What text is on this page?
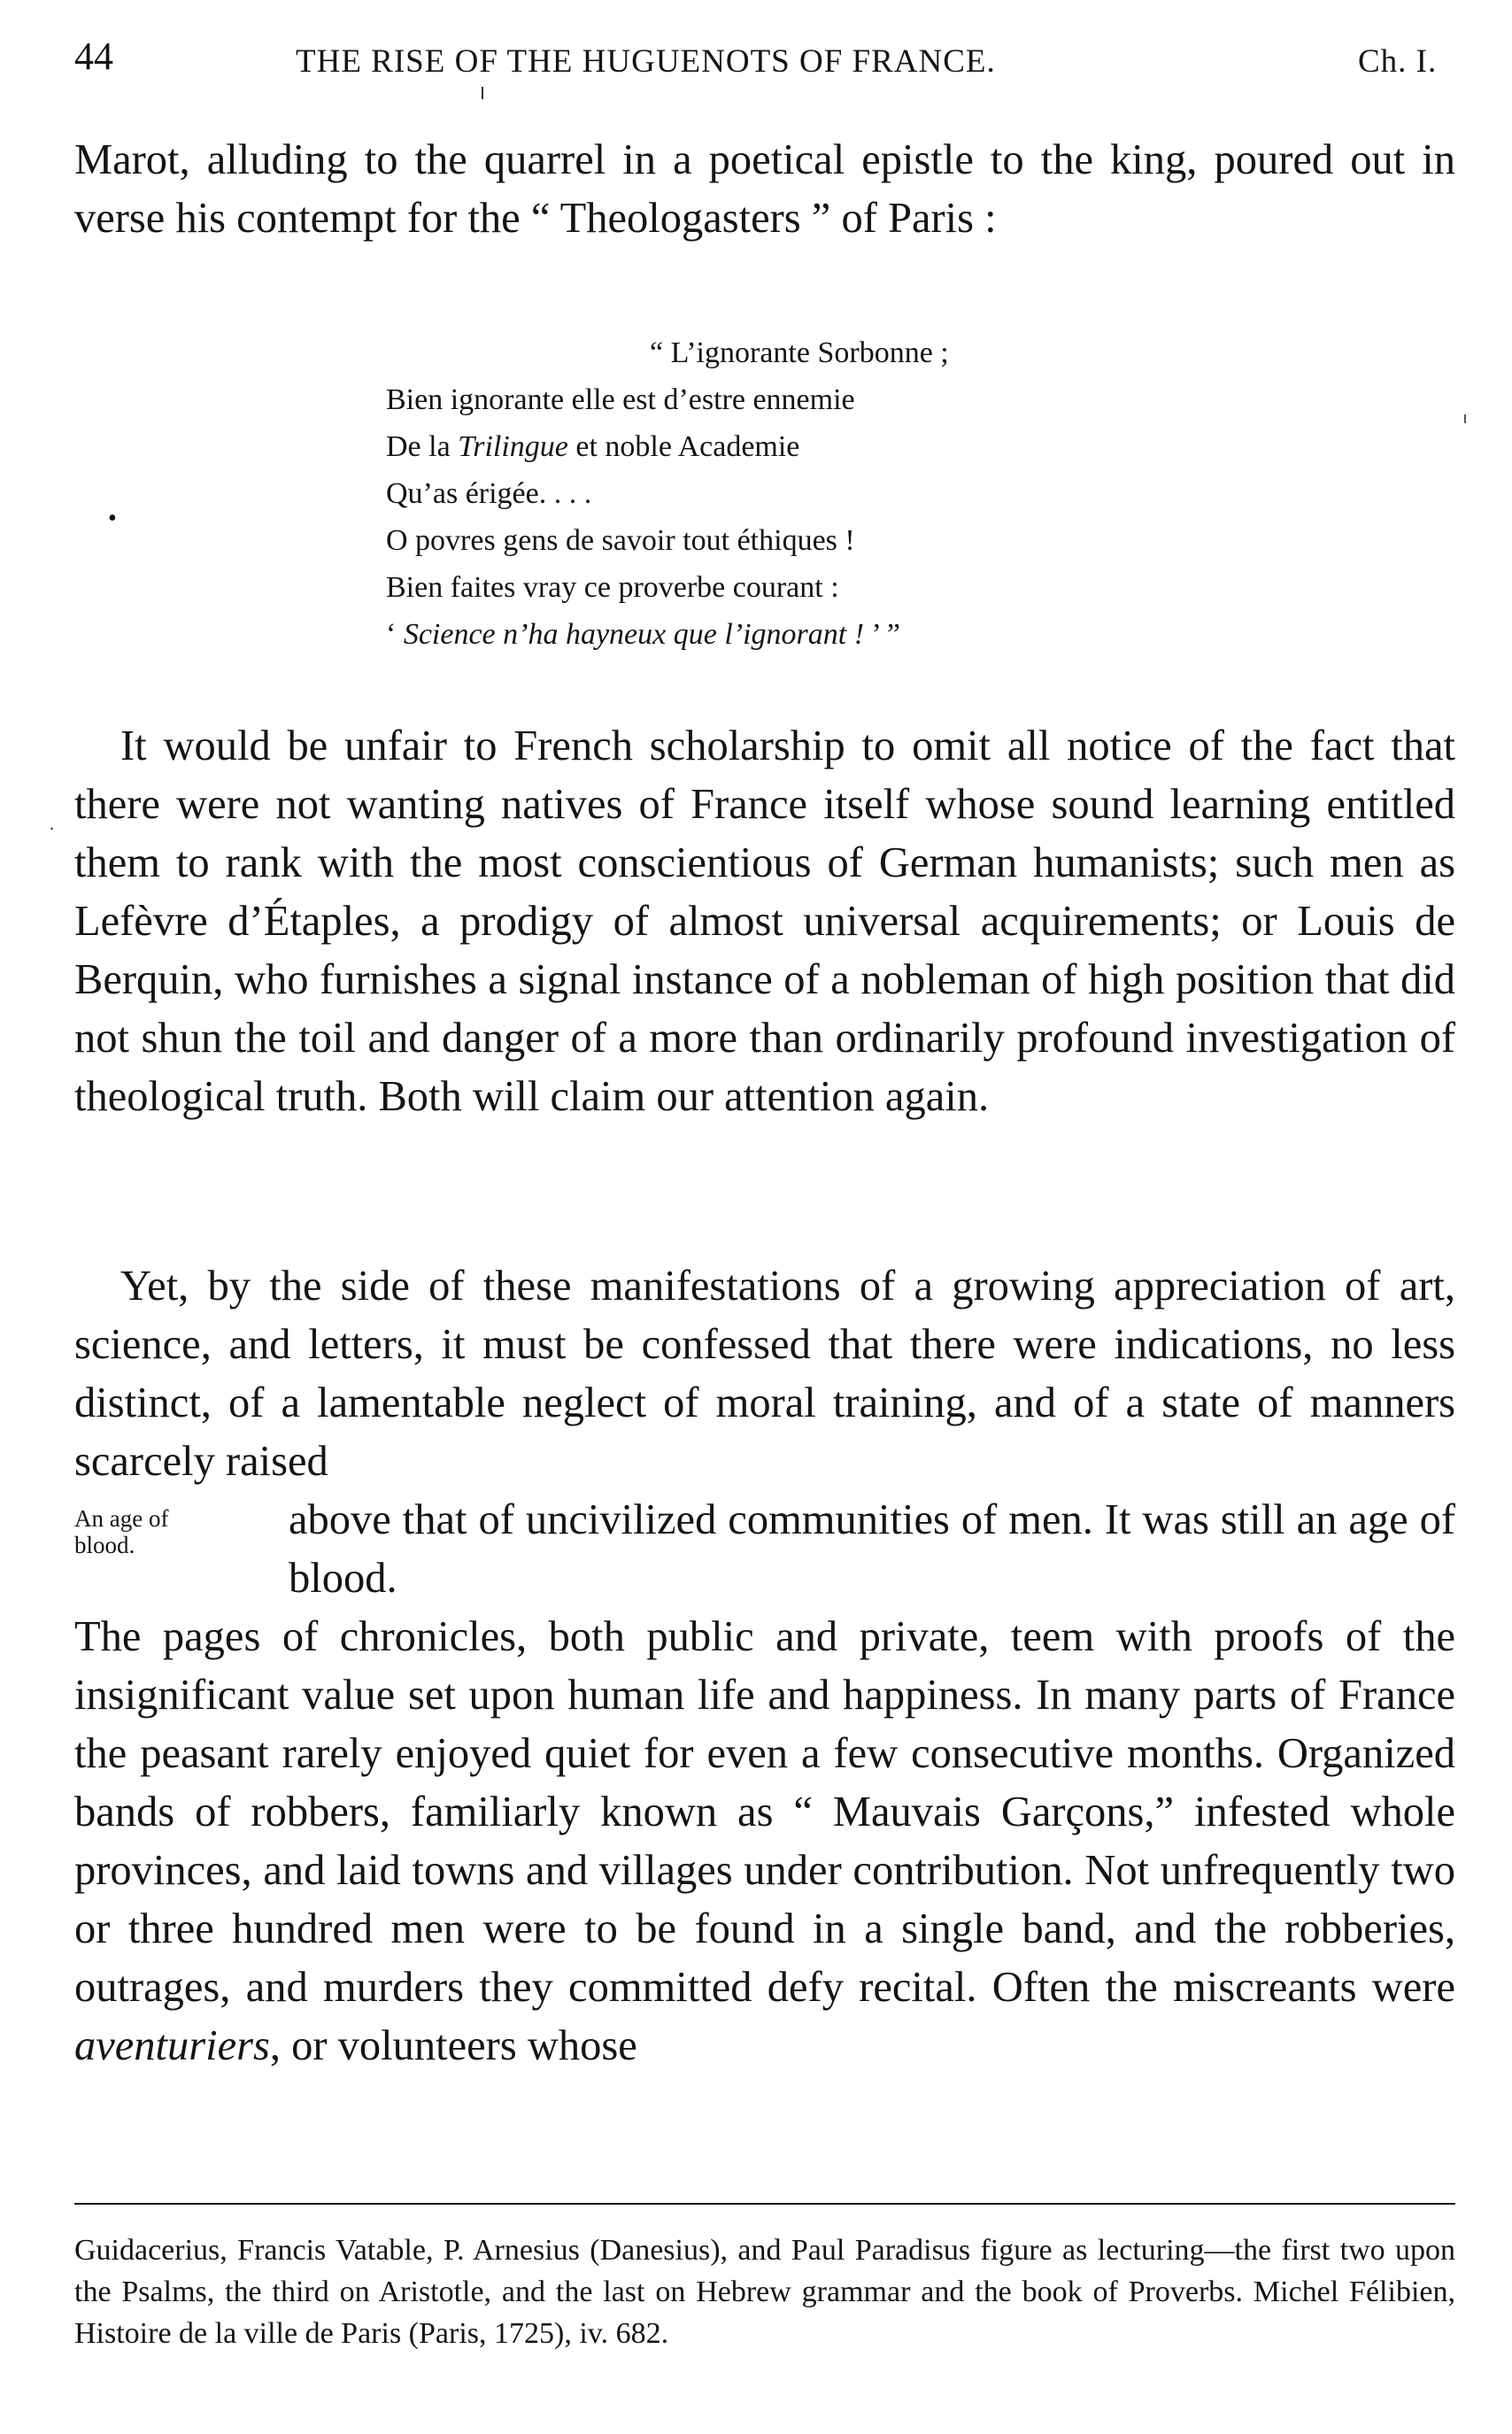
44	THE RISE OF THE HUGUENOTS OF FRANCE.	Ch. I.

Marot, alluding to the quarrel in a poetical epistle to the king, poured out in verse his contempt for the “ Theologasters ” of Paris :

“ L’ignorante Sorbonne ;
Bien ignorante elle est d’estre ennemie
De la Trilingue et noble Academie
Qu’as érigée. . . .
O povres gens de savoir tout éthiques !
Bien faites vray ce proverbe courant :
‘ Science n’ha hayneux que l’ignorant ! ’ ”
•

It would be unfair to French scholarship to omit all notice of the fact that there were not wanting natives of France itself whose sound learning entitled them to rank with the most conscientious of German humanists; such men as Lefèvre d’Étaples, a prodigy of almost universal acquirements; or Louis de Berquin, who furnishes a signal instance of a nobleman of high position that did not shun the toil and danger of a more than ordinarily profound investigation of theological truth. Both will claim our attention again.

.

Yet, by the side of these manifestations of a growing appreciation of art, science, and letters, it must be confessed that there were indications, no less distinct, of a lamentable neglect of moral training, and of a state of manners scarcely raised

above that of uncivilized communities of men. It was still an age of blood.

The pages of chronicles, both public and private, teem with proofs of the insignificant value set upon human life and happiness. In many parts of France the peasant rarely enjoyed quiet for even a few consecutive months. Organized bands of robbers, familiarly known as “ Mauvais Garçons,” infested whole provinces, and laid towns and villages under contribution. Not unfrequently two or three hundred men were to be found in a single band, and the robberies, outrages, and murders they committed defy recital. Often the miscreants were aventuriers, or volunteers whose

An age of
blood.

Guidacerius, Francis Vatable, P. Arnesius (Danesius), and Paul Paradisus figure as lecturing—the first two upon the Psalms, the third on Aristotle, and the last on Hebrew grammar and the book of Proverbs. Michel Félibien, Histoire de la ville de Paris (Paris, 1725), iv. 682.
